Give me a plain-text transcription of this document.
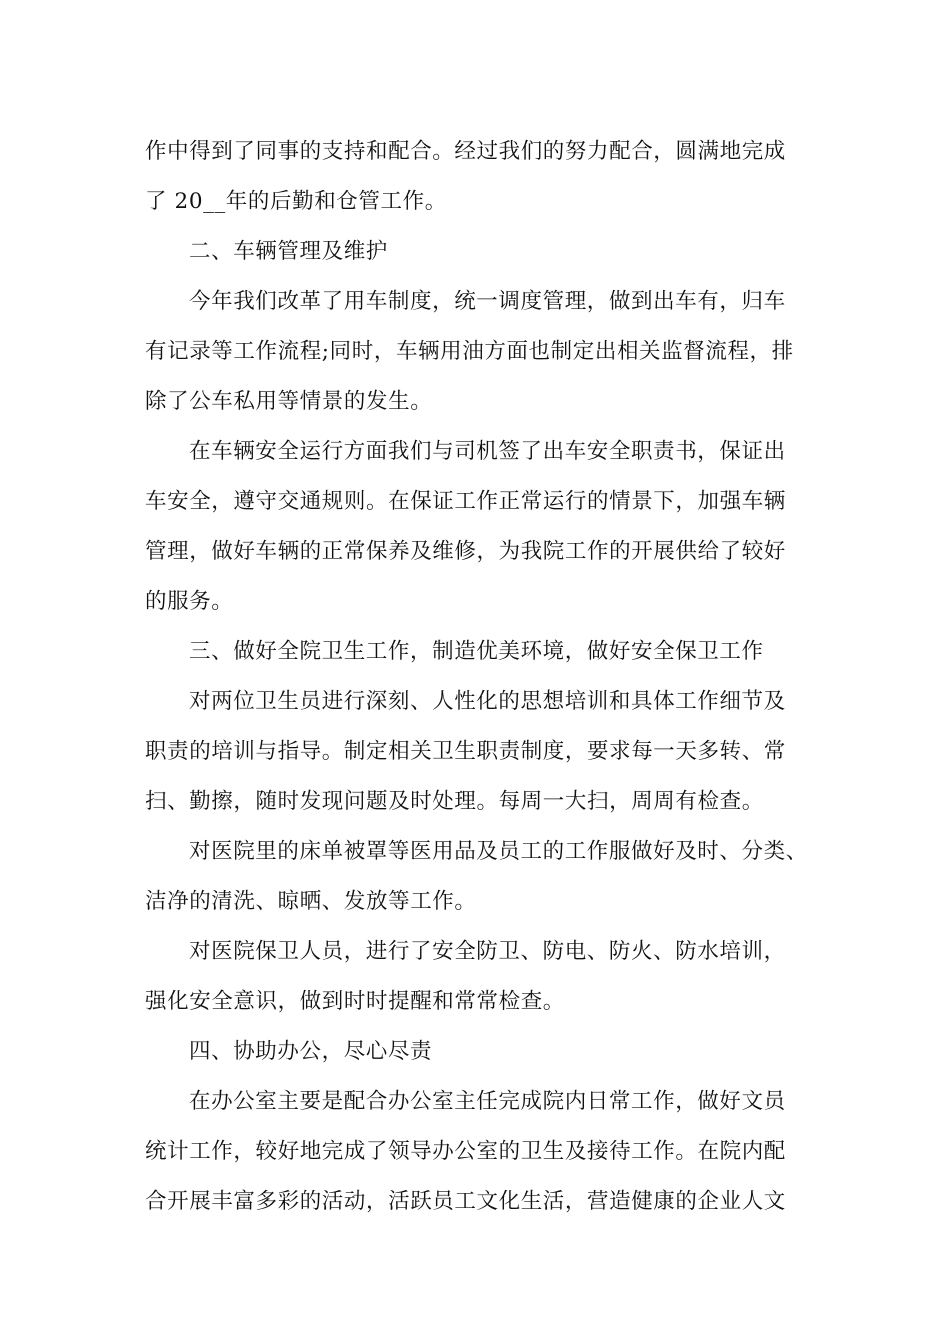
作中得到了同事的支持和配合。经过我们的努力配合，圆满地完成
了 20__年的后勤和仓管工作。
二、车辆管理及维护
今年我们改革了用车制度，统一调度管理，做到出车有，归车
有记录等工作流程;同时，车辆用油方面也制定出相关监督流程，排
除了公车私用等情景的发生。
在车辆安全运行方面我们与司机签了出车安全职责书，保证出
车安全，遵守交通规则。在保证工作正常运行的情景下，加强车辆
管理，做好车辆的正常保养及维修，为我院工作的开展供给了较好
的服务。
三、做好全院卫生工作，制造优美环境，做好安全保卫工作
对两位卫生员进行深刻、人性化的思想培训和具体工作细节及
职责的培训与指导。制定相关卫生职责制度，要求每一天多转、常
扫、勤擦，随时发现问题及时处理。每周一大扫，周周有检查。
对医院里的床单被罩等医用品及员工的工作服做好及时、分类、
洁净的清洗、晾晒、发放等工作。
对医院保卫人员，进行了安全防卫、防电、防火、防水培训，
强化安全意识，做到时时提醒和常常检查。
四、协助办公，尽心尽责
在办公室主要是配合办公室主任完成院内日常工作，做好文员
统计工作，较好地完成了领导办公室的卫生及接待工作。在院内配
合开展丰富多彩的活动，活跃员工文化生活，营造健康的企业人文
